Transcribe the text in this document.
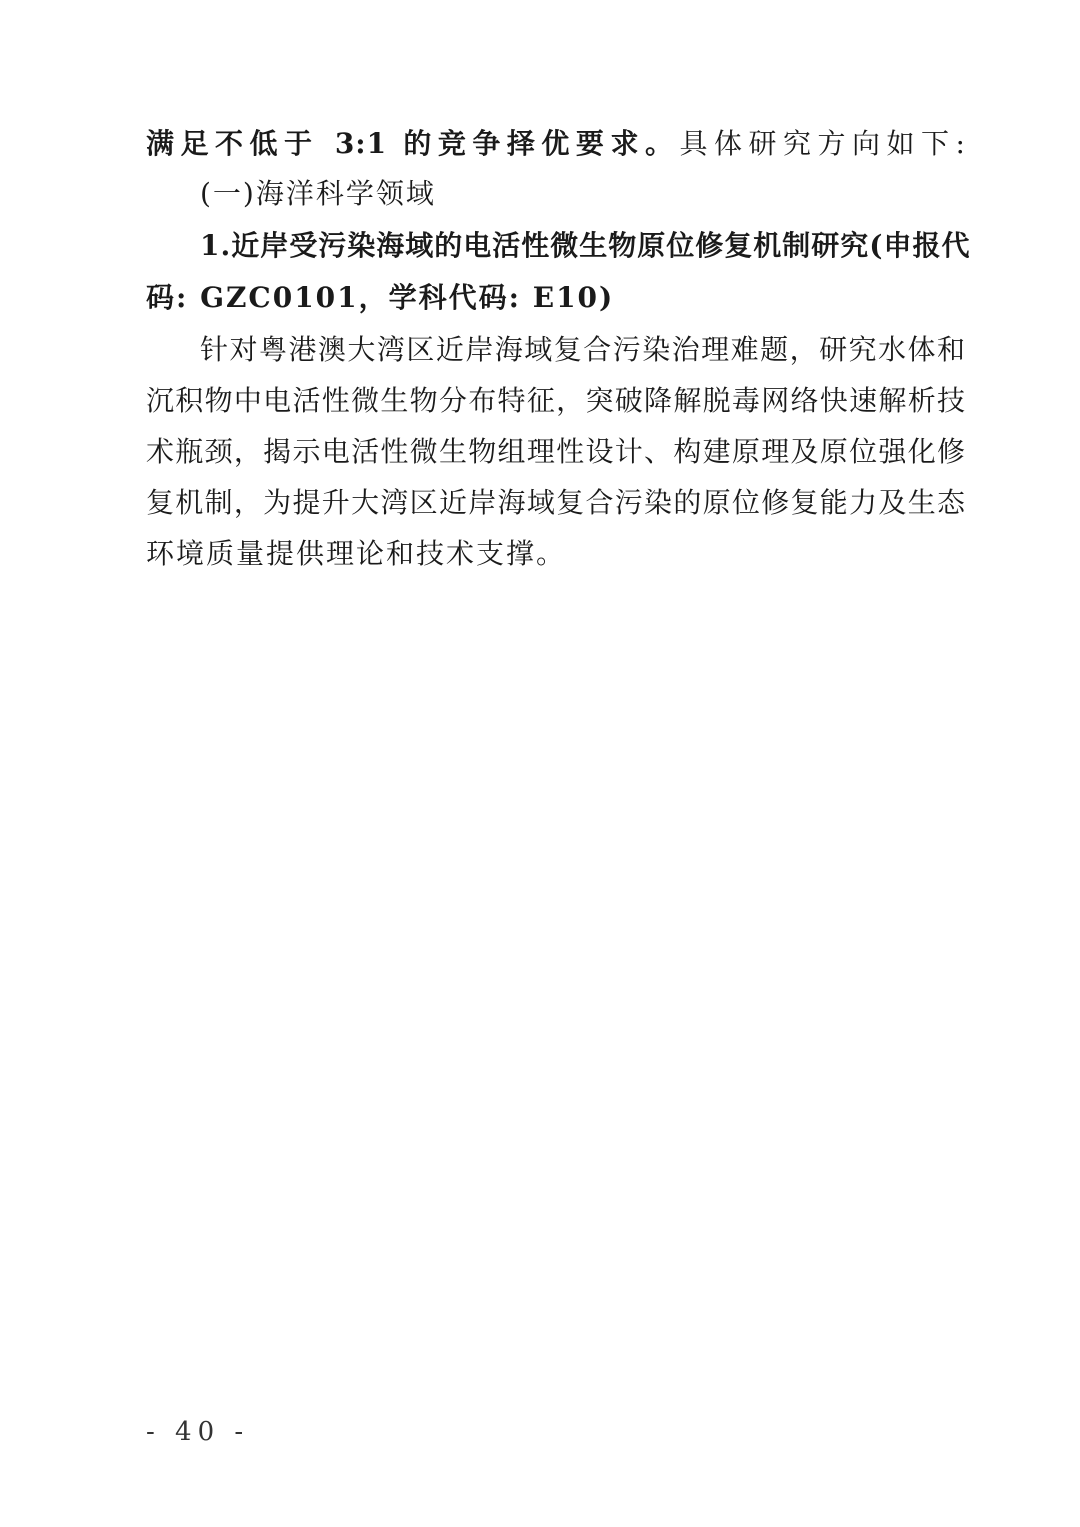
满足不低于 3:1 的竞争择优要求。具体研究方向如下:
(一)海洋科学领域
1.近岸受污染海域的电活性微生物原位修复机制研究(申报代
码: GZC0101，学科代码: E10)
针对粤港澳大湾区近岸海域复合污染治理难题，研究水体和
沉积物中电活性微生物分布特征，突破降解脱毒网络快速解析技
术瓶颈，揭示电活性微生物组理性设计、构建原理及原位强化修
复机制，为提升大湾区近岸海域复合污染的原位修复能力及生态
环境质量提供理论和技术支撑。
- 40 -
